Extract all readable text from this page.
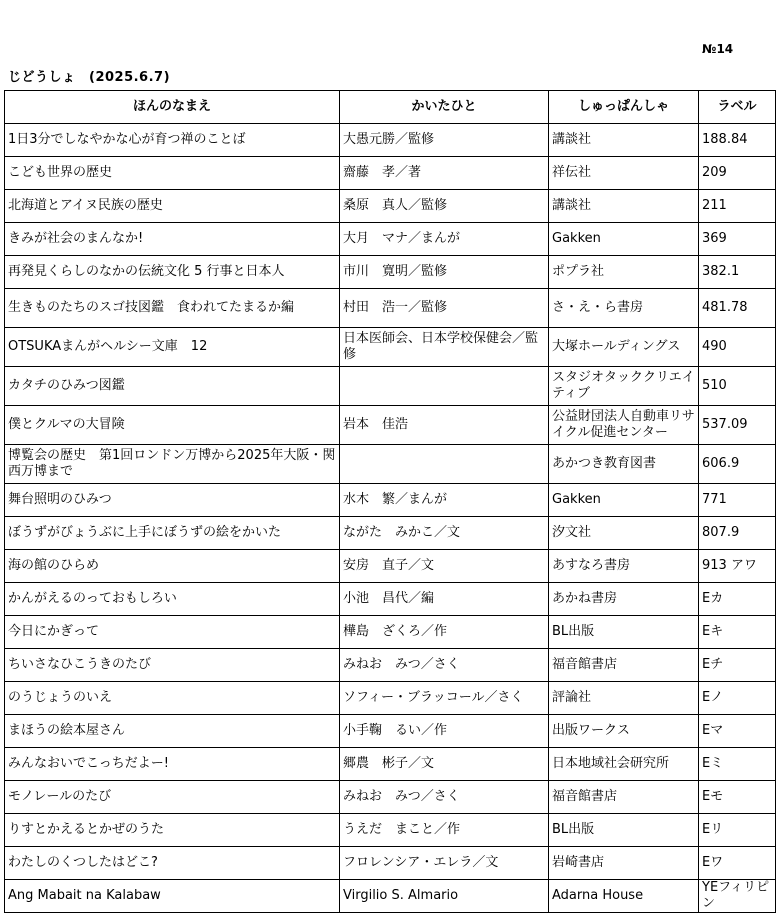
№14
じどうしょ　(2025.6.7)
ほんのなまえ	かいたひと	しゅっぱんしゃ	ラベル
1日3分でしなやかな心が育つ禅のことば	大愚元勝／監修	講談社	188.84
こども世界の歴史	齋藤　孝／著	祥伝社	209
北海道とアイヌ民族の歴史	桑原　真人／監修	講談社	211
きみが社会のまんなか!	大月　マナ／まんが	Gakken	369
再発見くらしのなかの伝統文化 5 行事と日本人	市川　寛明／監修	ポプラ社	382.1
生きものたちのスゴ技図鑑　食われてたまるか編	村田　浩一／監修	さ・え・ら書房	481.78
OTSUKAまんがヘルシー文庫　12	日本医師会、日本学校保健会／監修	大塚ホールディングス	490
カタチのひみつ図鑑		スタジオタッククリエイティブ	510
僕とクルマの大冒険	岩本　佳浩	公益財団法人自動車リサイクル促進センター	537.09
博覧会の歴史　第1回ロンドン万博から2025年大阪・関西万博まで		あかつき教育図書	606.9
舞台照明のひみつ	水木　繁／まんが	Gakken	771
ぼうずがびょうぶに上手にぼうずの絵をかいた	ながた　みかこ／文	汐文社	807.9
海の館のひらめ	安房　直子／文	あすなろ書房	913 アワ
かんがえるのっておもしろい	小池　昌代／編	あかね書房	Eカ
今日にかぎって	樺島　ざくろ／作	BL出版	Eキ
ちいさなひこうきのたび	みねお　みつ／さく	福音館書店	Eチ
のうじょうのいえ	ソフィー・ブラッコール／さく	評論社	Eノ
まほうの絵本屋さん	小手鞠　るい／作	出版ワークス	Eマ
みんなおいでこっちだよー!	郷農　彬子／文	日本地域社会研究所	Eミ
モノレールのたび	みねお　みつ／さく	福音館書店	Eモ
りすとかえるとかぜのうた	うえだ　まこと／作	BL出版	Eリ
わたしのくつしたはどこ?	フロレンシア・エレラ／文	岩崎書店	Eワ
Ang Mabait na Kalabaw	Virgilio S. Almario	Adarna House	YEフィリピン
